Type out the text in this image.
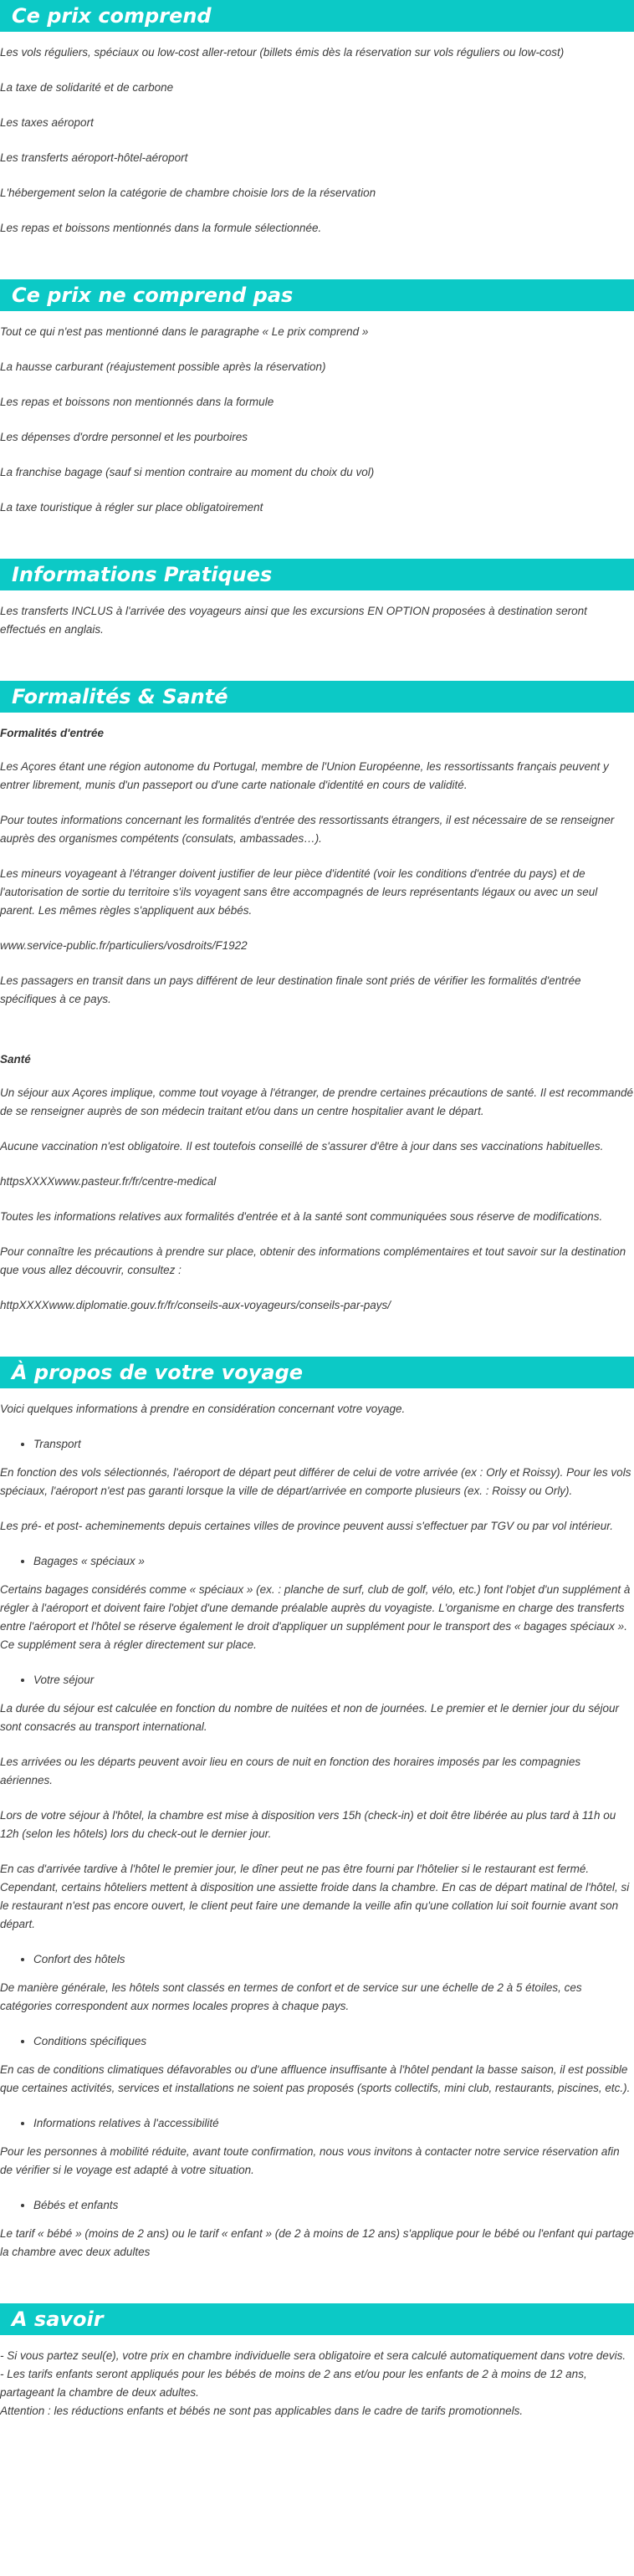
Ce prix comprend

Les vols réguliers, spéciaux ou low-cost aller-retour (billets émis dès la réservation sur vols réguliers ou low-cost)

La taxe de solidarité et de carbone

Les taxes aéroport

Les transferts aéroport-hôtel-aéroport

L'hébergement selon la catégorie de chambre choisie lors de la réservation

Les repas et boissons mentionnés dans la formule sélectionnée.

Ce prix ne comprend pas

Tout ce qui n'est pas mentionné dans le paragraphe « Le prix comprend »

La hausse carburant (réajustement possible après la réservation)

Les repas et boissons non mentionnés dans la formule

Les dépenses d'ordre personnel et les pourboires

La franchise bagage (sauf si mention contraire au moment du choix du vol)

La taxe touristique à régler sur place obligatoirement

Informations Pratiques

Les transferts INCLUS à l'arrivée des voyageurs ainsi que les excursions EN OPTION proposées à destination seront effectués en anglais.

Formalités & Santé

Formalités d'entrée

Les Açores étant une région autonome du Portugal, membre de l'Union Européenne, les ressortissants français peuvent y entrer librement, munis d'un passeport ou d'une carte nationale d'identité en cours de validité.

Pour toutes informations concernant les formalités d'entrée des ressortissants étrangers, il est nécessaire de se renseigner auprès des organismes compétents (consulats, ambassades…).

Les mineurs voyageant à l'étranger doivent justifier de leur pièce d'identité (voir les conditions d'entrée du pays) et de l'autorisation de sortie du territoire s'ils voyagent sans être accompagnés de leurs représentants légaux ou avec un seul parent. Les mêmes règles s'appliquent aux bébés.

www.service-public.fr/particuliers/vosdroits/F1922

Les passagers en transit dans un pays différent de leur destination finale sont priés de vérifier les formalités d'entrée spécifiques à ce pays.

Santé

Un séjour aux Açores implique, comme tout voyage à l'étranger, de prendre certaines précautions de santé. Il est recommandé de se renseigner auprès de son médecin traitant et/ou dans un centre hospitalier avant le départ.

Aucune vaccination n'est obligatoire. Il est toutefois conseillé de s'assurer d'être à jour dans ses vaccinations habituelles.

httpsXXXXwww.pasteur.fr/fr/centre-medical

Toutes les informations relatives aux formalités d'entrée et à la santé sont communiquées sous réserve de modifications.

Pour connaître les précautions à prendre sur place, obtenir des informations complémentaires et tout savoir sur la destination que vous allez découvrir, consultez :

httpXXXXwww.diplomatie.gouv.fr/fr/conseils-aux-voyageurs/conseils-par-pays/

À propos de votre voyage

Voici quelques informations à prendre en considération concernant votre voyage.

• Transport

En fonction des vols sélectionnés, l'aéroport de départ peut différer de celui de votre arrivée (ex : Orly et Roissy). Pour les vols spéciaux, l'aéroport n'est pas garanti lorsque la ville de départ/arrivée en comporte plusieurs (ex. : Roissy ou Orly).

Les pré- et post- acheminements depuis certaines villes de province peuvent aussi s'effectuer par TGV ou par vol intérieur.

• Bagages « spéciaux »

Certains bagages considérés comme « spéciaux » (ex. : planche de surf, club de golf, vélo, etc.) font l'objet d'un supplément à régler à l'aéroport et doivent faire l'objet d'une demande préalable auprès du voyagiste. L'organisme en charge des transferts entre l'aéroport et l'hôtel se réserve également le droit d'appliquer un supplément pour le transport des « bagages spéciaux ». Ce supplément sera à régler directement sur place.

• Votre séjour

La durée du séjour est calculée en fonction du nombre de nuitées et non de journées. Le premier et le dernier jour du séjour sont consacrés au transport international.

Les arrivées ou les départs peuvent avoir lieu en cours de nuit en fonction des horaires imposés par les compagnies aériennes.

Lors de votre séjour à l'hôtel, la chambre est mise à disposition vers 15h (check-in) et doit être libérée au plus tard à 11h ou 12h (selon les hôtels) lors du check-out le dernier jour.

En cas d'arrivée tardive à l'hôtel le premier jour, le dîner peut ne pas être fourni par l'hôtelier si le restaurant est fermé. Cependant, certains hôteliers mettent à disposition une assiette froide dans la chambre. En cas de départ matinal de l'hôtel, si le restaurant n'est pas encore ouvert, le client peut faire une demande la veille afin qu'une collation lui soit fournie avant son départ.

• Confort des hôtels

De manière générale, les hôtels sont classés en termes de confort et de service sur une échelle de 2 à 5 étoiles, ces catégories correspondent aux normes locales propres à chaque pays.

• Conditions spécifiques

En cas de conditions climatiques défavorables ou d'une affluence insuffisante à l'hôtel pendant la basse saison, il est possible que certaines activités, services et installations ne soient pas proposés (sports collectifs, mini club, restaurants, piscines, etc.).

• Informations relatives à l'accessibilité

Pour les personnes à mobilité réduite, avant toute confirmation, nous vous invitons à contacter notre service réservation afin de vérifier si le voyage est adapté à votre situation.

• Bébés et enfants

Le tarif « bébé » (moins de 2 ans) ou le tarif « enfant » (de 2 à moins de 12 ans) s'applique pour le bébé ou l'enfant qui partage la chambre avec deux adultes

A savoir

- Si vous partez seul(e), votre prix en chambre individuelle sera obligatoire et sera calculé automatiquement dans votre devis.

- Les tarifs enfants seront appliqués pour les bébés de moins de 2 ans et/ou pour les enfants de 2 à moins de 12 ans, partageant la chambre de deux adultes.

Attention : les réductions enfants et bébés ne sont pas applicables dans le cadre de tarifs promotionnels.
